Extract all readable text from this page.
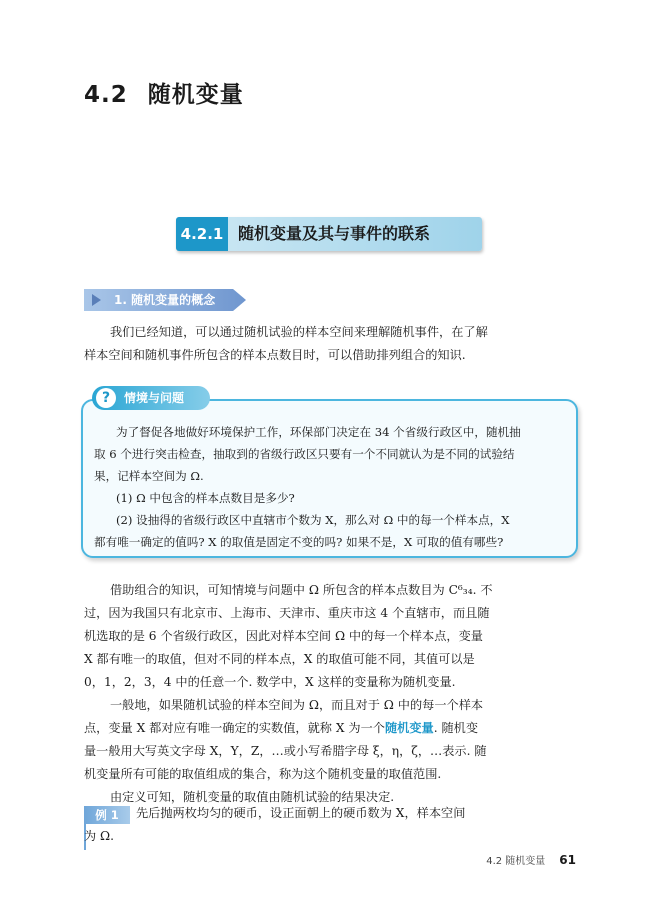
4.2 随机变量
4.2.1 随机变量及其与事件的联系
1. 随机变量的概念

我们已经知道，可以通过随机试验的样本空间来理解随机事件，在了解

样本空间和随机事件所包含的样本点数目时，可以借助排列组合的知识.

?	情境与问题

为了督促各地做好环境保护工作，环保部门决定在 34 个省级行政区中，随机抽

取 6 个进行突击检查，抽取到的省级行政区只要有一个不同就认为是不同的试验结

果，记样本空间为 Ω.

(1) Ω 中包含的样本点数目是多少?

(2) 设抽得的省级行政区中直辖市个数为 X，那么对 Ω 中的每一个样本点，X

都有唯一确定的值吗? X 的取值是固定不变的吗? 如果不是，X 可取的值有哪些?

借助组合的知识，可知情境与问题中 Ω 所包含的样本点数目为 C⁶₃₄. 不

过，因为我国只有北京市、上海市、天津市、重庆市这 4 个直辖市，而且随

机选取的是 6 个省级行政区，因此对样本空间 Ω 中的每一个样本点，变量

X 都有唯一的取值，但对不同的样本点，X 的取值可能不同，其值可以是

0，1，2，3，4 中的任意一个. 数学中，X 这样的变量称为随机变量.

一般地，如果随机试验的样本空间为 Ω，而且对于 Ω 中的每一个样本

点，变量 X 都对应有唯一确定的实数值，就称 X 为一个随机变量. 随机变

量一般用大写英文字母 X，Y，Z，…或小写希腊字母 ξ，η，ζ，…表示. 随

机变量所有可能的取值组成的集合，称为这个随机变量的取值范围.

由定义可知，随机变量的取值由随机试验的结果决定.

例 1	先后抛两枚均匀的硬币，设正面朝上的硬币数为 X，样本空间

为 Ω.

4.2 随机变量 61
